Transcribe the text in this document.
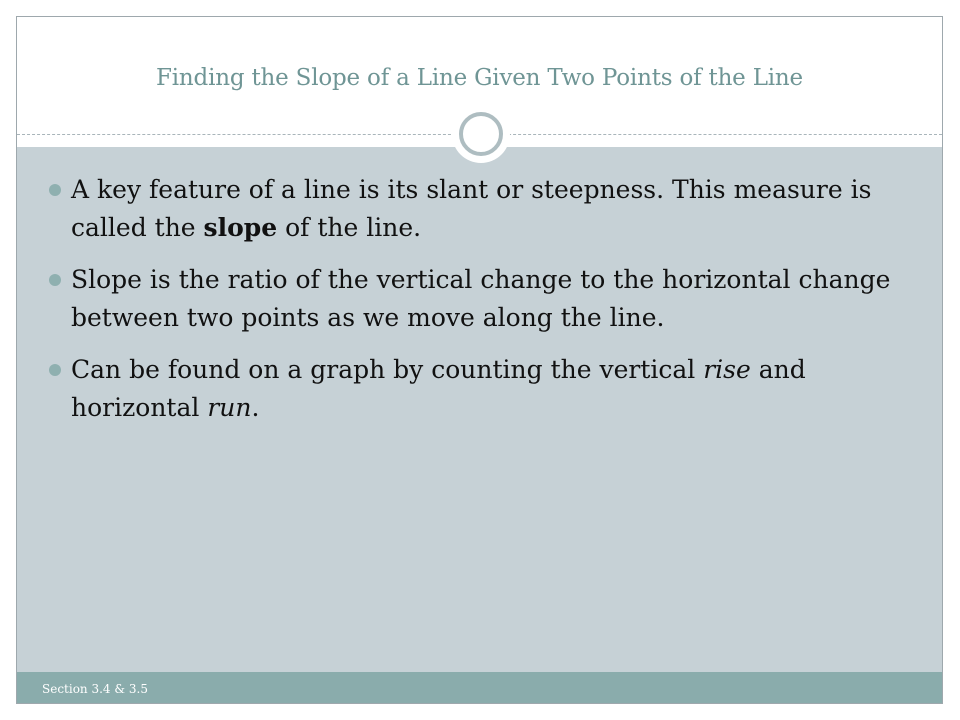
Finding the Slope of a Line Given Two Points of the Line
A key feature of a line is its slant or steepness. This measure is called the slope of the line.
Slope is the ratio of the vertical change to the horizontal change between two points as we move along the line.
Can be found on a graph by counting the vertical rise and horizontal run.
Section 3.4 & 3.5
